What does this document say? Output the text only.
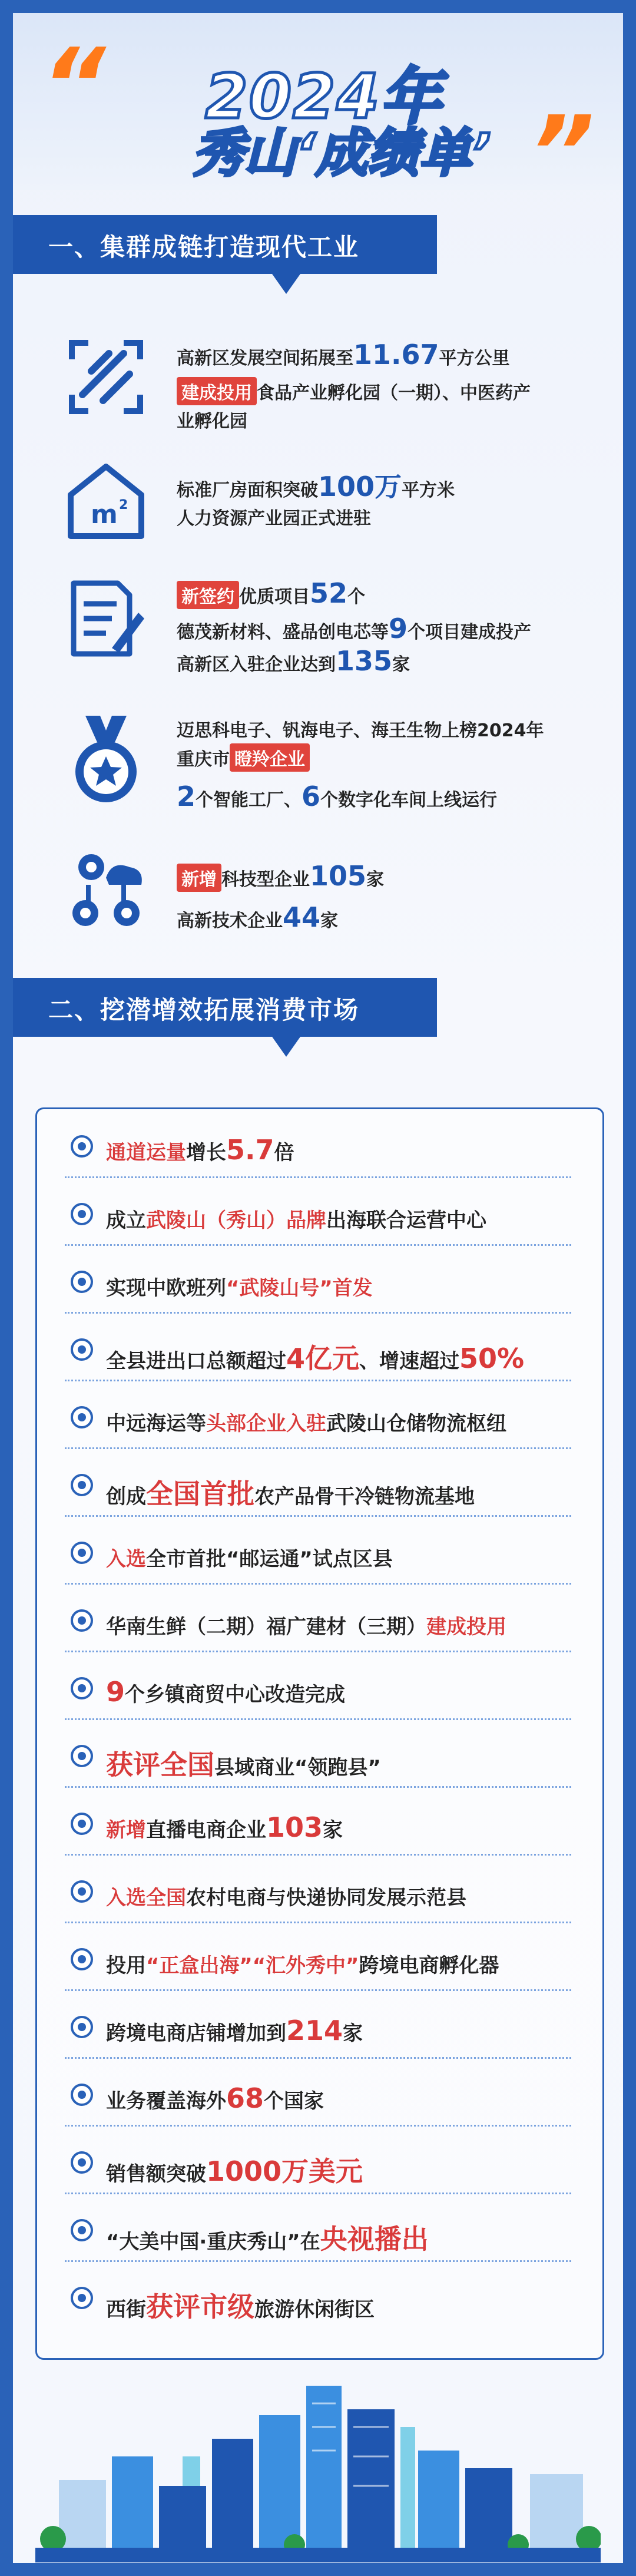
“
”
2024年
秀山‘成绩单’
一、集群成链打造现代工业
高新区发展空间拓展至11.67平方公里
建成投用 食品产业孵化园（一期）、中医药产
业孵化园
m 2
标准厂房面积突破100万平方米
人力资源产业园正式进驻
新签约 优质项目52个
德茂新材料、盛品创电芯等9个项目建成投产
高新区入驻企业达到135家
迈思科电子、钒海电子、海王生物上榜2024年
重庆市 瞪羚企业
2个智能工厂、6个数字化车间上线运行
新增 科技型企业105家
高新技术企业44家
二、挖潜增效拓展消费市场
通道运量增长5.7倍
成立武陵山（秀山）品牌出海联合运营中心
实现中欧班列“武陵山号”首发
全县进出口总额超过4亿元、增速超过50%
中远海运等头部企业入驻武陵山仓储物流枢纽
创成全国首批农产品骨干冷链物流基地
入选全市首批“邮运通”试点区县
华南生鲜（二期）福广建材（三期）建成投用
9个乡镇商贸中心改造完成
获评全国县域商业“领跑县”
新增直播电商企业103家
入选全国农村电商与快递协同发展示范县
投用“正盒出海”“汇外秀中”跨境电商孵化器
跨境电商店铺增加到214家
业务覆盖海外68个国家
销售额突破1000万美元
“大美中国·重庆秀山”在央视播出
西街获评市级旅游休闲街区
